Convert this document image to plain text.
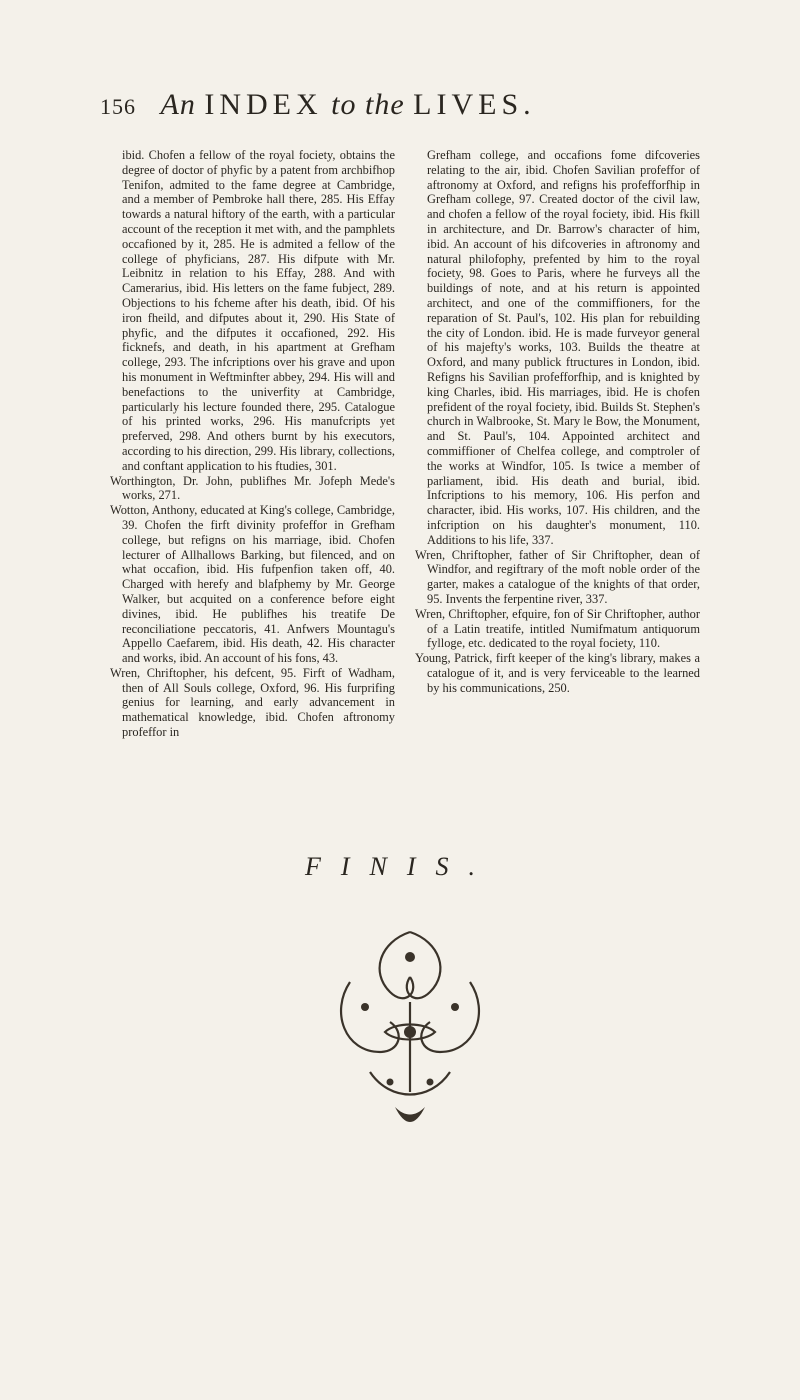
$^{156}$ An INDEX to the LIVES.

ibid. Chofen a fellow of the royal fociety, obtains the degree of doctor of phyfic by a patent from archbifhop Tenifon, admited to the fame degree at Cambridge, and a member of Pembroke hall there, 285. His Effay towards a natural hiftory of the earth, with a particular account of the reception it met with, and the pamphlets occafioned by it, 285. He is admited a fellow of the college of phyficians, 287. His difpute with Mr. Leibnitz in relation to his Effay, 288. And with Camerarius, ibid. His letters on the fame fubject, 289. Objections to his fcheme after his death, ibid. Of his iron fheild, and difputes about it, 290. His State of phyfic, and the difputes it occafioned, 292. His ficknefs, and death, in his apartment at Grefham college, 293. The infcriptions over his grave and upon his monument in Weftminfter abbey, 294. His will and benefactions to the univerfity at Cambridge, particularly his lecture founded there, 295. Catalogue of his printed works, 296. His manufcripts yet preferved, 298. And others burnt by his executors, according to his direction, 299. His library, collections, and conftant application to his ftudies, 301.

Worthington, Dr. John, publifhes Mr. Jofeph Mede's works, 271.

Wotton, Anthony, educated at King's college, Cambridge, 39. Chofen the firft divinity profeffor in Grefham college, but refigns on his marriage, ibid. Chofen lecturer of Allhallows Barking, but filenced, and on what occafion, ibid. His fufpenfion taken off, 40. Charged with herefy and blafphemy by Mr. George Walker, but acquited on a conference before eight divines, ibid. He publifhes his treatife De reconciliatione peccatoris, 41. Anfwers Mountagu's Appello Caefarem, ibid. His death, 42. His character and works, ibid. An account of his fons, 43.

Wren, Chriftopher, his defcent, 95. Firft of Wadham, then of All Souls college, Oxford, 96. His furprifing genius for learning, and early advancement in mathematical knowledge, ibid. Chofen aftronomy profeffor in

Grefham college, and occafions fome difcoveries relating to the air, ibid. Chofen Savilian profeffor of aftronomy at Oxford, and refigns his profefforfhip in Grefham college, 97. Created doctor of the civil law, and chofen a fellow of the royal fociety, ibid. His fkill in architecture, and Dr. Barrow's character of him, ibid. An account of his difcoveries in aftronomy and natural philofophy, prefented by him to the royal fociety, 98. Goes to Paris, where he furveys all the buildings of note, and at his return is appointed architect, and one of the commiffioners, for the reparation of St. Paul's, 102. His plan for rebuilding the city of London. ibid. He is made furveyor general of his majefty's works, 103. Builds the theatre at Oxford, and many publick ftructures in London, ibid. Refigns his Savilian profefforfhip, and is knighted by king Charles, ibid. His marriages, ibid. He is chofen prefident of the royal fociety, ibid. Builds St. Stephen's church in Walbrooke, St. Mary le Bow, the Monument, and St. Paul's, 104. Appointed architect and commiffioner of Chelfea college, and comptroler of the works at Windfor, 105. Is twice a member of parliament, ibid. His death and burial, ibid. Infcriptions to his memory, 106. His perfon and character, ibid. His works, 107. His children, and the infcription on his daughter's monument, 110. Additions to his life, 337.

Wren, Chriftopher, father of Sir Chriftopher, dean of Windfor, and regiftrary of the moft noble order of the garter, makes a catalogue of the knights of that order, 95. Invents the ferpentine river, 337.

Wren, Chriftopher, efquire, fon of Sir Chriftopher, author of a Latin treatife, intitled Numifmatum antiquorum fylloge, etc. dedicated to the royal fociety, 110.

Young, Patrick, firft keeper of the king's library, makes a catalogue of it, and is very ferviceable to the learned by his communications, 250.

FINIS.
